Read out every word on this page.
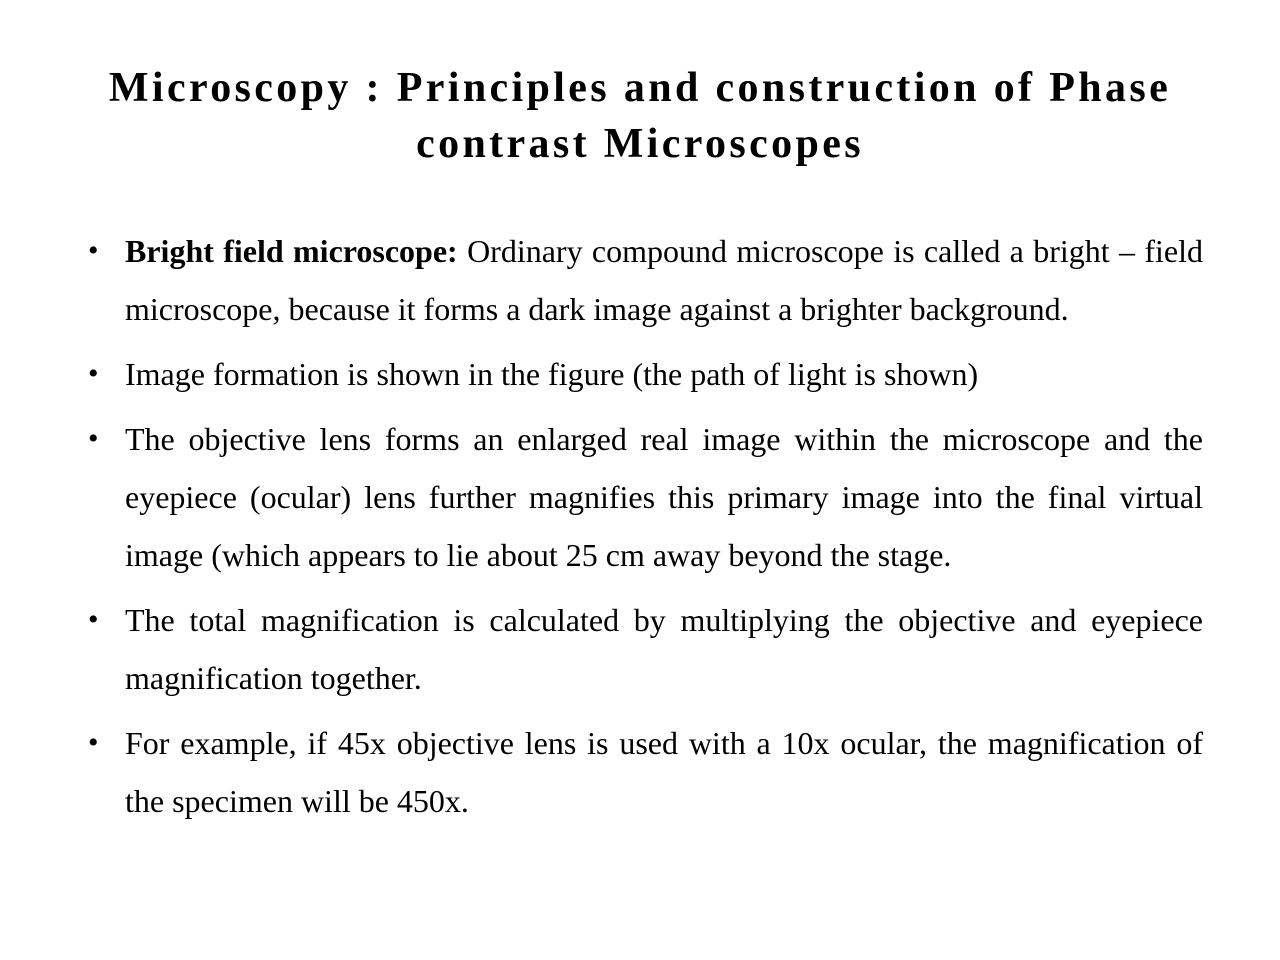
Microscopy : Principles and construction of Phase
contrast Microscopes
• Bright field microscope: Ordinary compound microscope is called a bright – field microscope, because it forms a dark image against a brighter background.

• Image formation is shown in the figure (the path of light is shown)

• The objective lens forms an enlarged real image within the microscope and the eyepiece (ocular) lens further magnifies this primary image into the final virtual image (which appears to lie about 25 cm away beyond the stage.

• The total magnification is calculated by multiplying the objective and eyepiece magnification together.

• For example, if 45x objective lens is used with a 10x ocular, the magnification of the specimen will be 450x.
